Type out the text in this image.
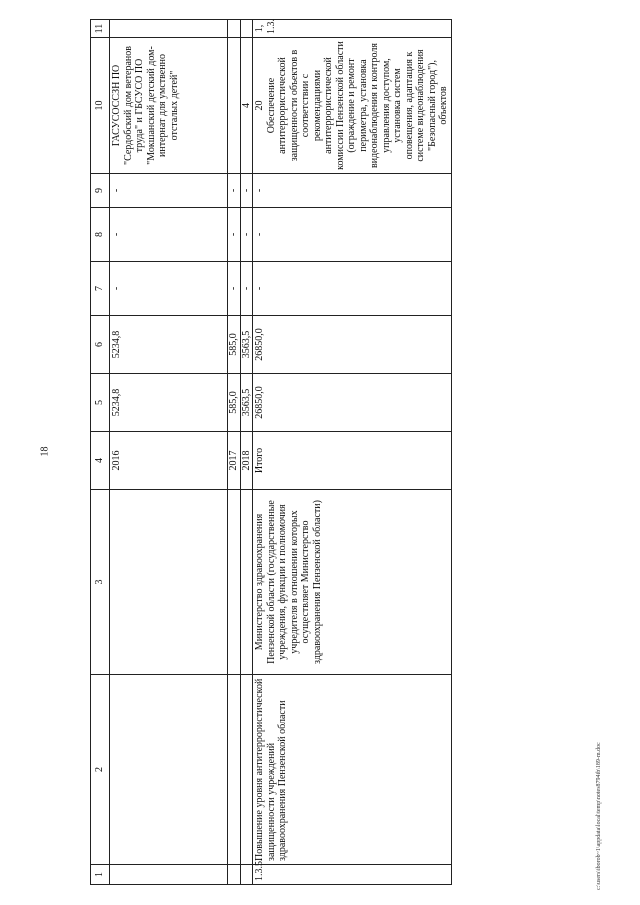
18
c:\users\iborob~1\appdata\local\temp\notes8794ib\189-m.doc
1	2	3	4	5	6	7	8	9	10	11
			2016	5234,8	5234,8	-	-	-	ГАСУСОССЗН ПО "Сердобский дом ветеранов труда" и ГБСУСО ПО "Мокшанский детский дом-интернат для умственно отсталых детей"	
			2017	585,0	585,0	-	-	-		
			2018	3563,5	3563,5	-	-	-	4	
1.3.5.	Повышение уровня антитеррористической защищенности учреждений здравоохранения Пензенской области	Министерство здравоохранения Пензенской области (государственные учреждения, функции и полномочия учредителя в отношении которых осуществляет Министерство здравоохранения Пензенской области)	Итого	26850,0	26850,0	-	-	-	20 Обеспечение антитеррористической защищенности объектов в соответствии с рекомендациями антитеррористической комиссии Пензенской области (ограждение и ремонт периметра, установка видеонаблюдения и контроля управления доступом, установка систем оповещения, адаптация к системе видеонаблюдения "Безопасный город"), объектов	1, 1.3.
